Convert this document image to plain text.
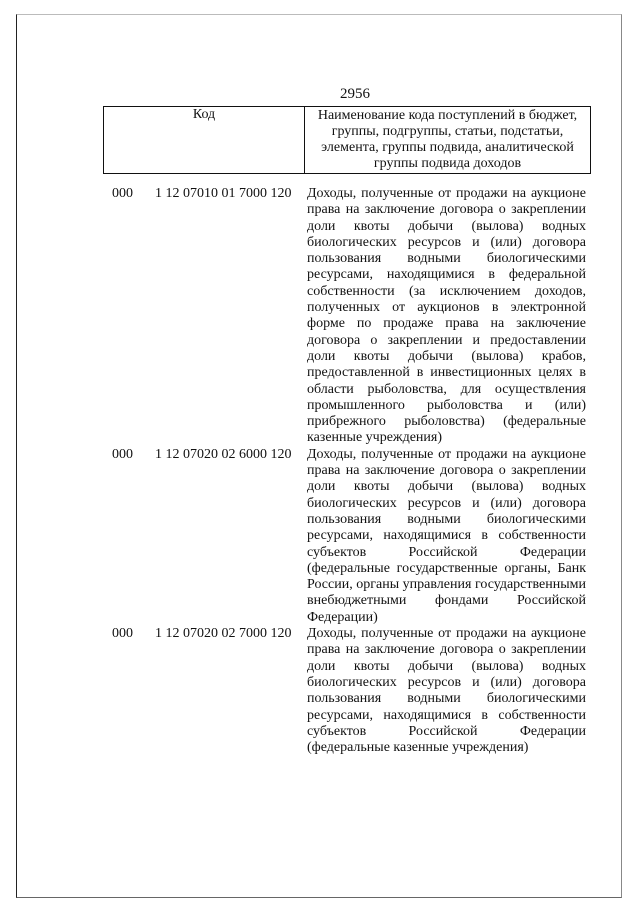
2956
Код	Наименование кода поступлений в бюджет, группы, подгруппы, статьи, подстатьи, элемента, группы подвида, аналитической группы подвида доходов
000 1 12 07010 01 7000 120 Доходы, полученные от продажи на аукционе права на заключение договора о закреплении доли квоты добычи (вылова) водных биологических ресурсов и (или) договора пользования водными биологическими ресурсами, находящимися в федеральной собственности (за исключением доходов, полученных от аукционов в электронной форме по продаже права на заключение договора о закреплении и предоставлении доли квоты добычи (вылова) крабов, предоставленной в инвестиционных целях в области рыболовства, для осуществления промышленного рыболовства и (или) прибрежного рыболовства) (федеральные казенные учреждения)
000 1 12 07020 02 6000 120 Доходы, полученные от продажи на аукционе права на заключение договора о закреплении доли квоты добычи (вылова) водных биологических ресурсов и (или) договора пользования водными биологическими ресурсами, находящимися в собственности субъектов Российской Федерации (федеральные государственные органы, Банк России, органы управления государственными внебюджетными фондами Российской Федерации)
000 1 12 07020 02 7000 120 Доходы, полученные от продажи на аукционе права на заключение договора о закреплении доли квоты добычи (вылова) водных биологических ресурсов и (или) договора пользования водными биологическими ресурсами, находящимися в собственности субъектов Российской Федерации (федеральные казенные учреждения)
